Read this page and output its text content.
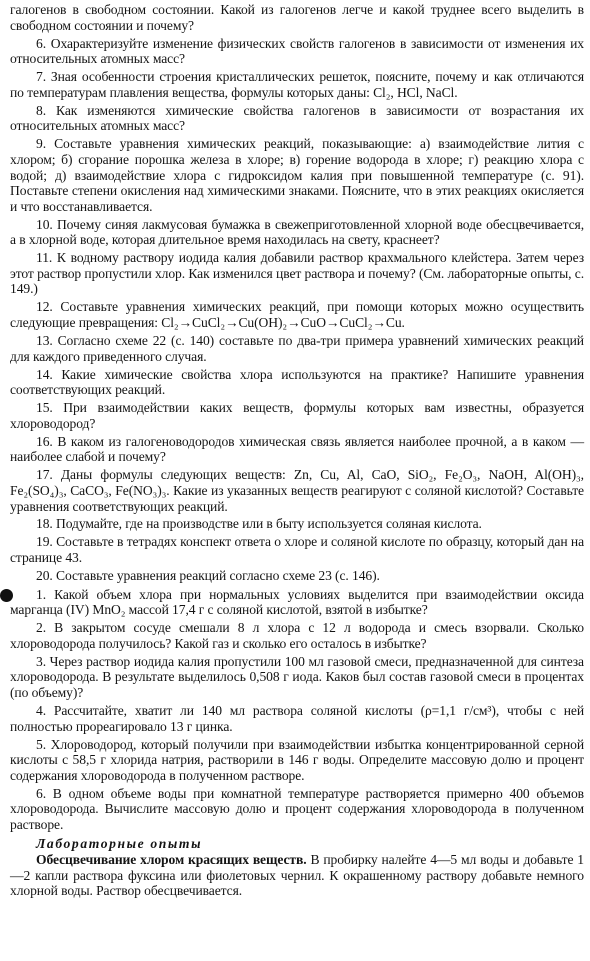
галогенов в свободном состоянии. Какой из галогенов легче и какой труднее всего выделить в свободном состоянии и почему?

6. Охарактеризуйте изменение физических свойств галогенов в зависимости от изменения их относительных атомных масс?

7. Зная особенности строения кристаллических решеток, поясните, почему и как отличаются по температурам плавления вещества, формулы которых даны: Cl₂, HCl, NaCl.

8. Как изменяются химические свойства галогенов в зависимости от возрастания их относительных атомных масс?

9. Составьте уравнения химических реакций, показывающие: а) взаимодействие лития с хлором; б) сгорание порошка железа в хлоре; в) горение водорода в хлоре; г) реакцию хлора с водой; д) взаимодействие хлора с гидроксидом калия при повышенной температуре (с. 91). Поставьте степени окисления над химическими знаками. Поясните, что в этих реакциях окисляется и что восстанавливается.

10. Почему синяя лакмусовая бумажка в свежеприготовленной хлорной воде обесцвечивается, а в хлорной воде, которая длительное время находилась на свету, краснеет?

11. К водному раствору иодида калия добавили раствор крахмального клейстера. Затем через этот раствор пропустили хлор. Как изменился цвет раствора и почему? (См. лабораторные опыты, с. 149.)

12. Составьте уравнения химических реакций, при помощи которых можно осуществить следующие превращения: Cl₂→CuCl₂→Cu(OH)₂→CuO→CuCl₂→Cu.

13. Согласно схеме 22 (с. 140) составьте по два-три примера уравнений химических реакций для каждого приведенного случая.

14. Какие химические свойства хлора используются на практике? Напишите уравнения соответствующих реакций.

15. При взаимодействии каких веществ, формулы которых вам известны, образуется хлороводород?

16. В каком из галогеноводородов химическая связь является наиболее прочной, а в каком — наиболее слабой и почему?

17. Даны формулы следующих веществ: Zn, Cu, Al, CaO, SiO₂, Fe₂O₃, NaOH, Al(OH)₃, Fe₂(SO₄)₃, CaCO₃, Fe(NO₃)₃. Какие из указанных веществ реагируют с соляной кислотой? Составьте уравнения соответствующих реакций.

18. Подумайте, где на производстве или в быту используется соляная кислота.

19. Составьте в тетрадях конспект ответа о хлоре и соляной кислоте по образцу, который дан на странице 43.

20. Составьте уравнения реакций согласно схеме 23 (с. 146).

1. Какой объем хлора при нормальных условиях выделится при взаимодействии оксида марганца (IV) MnO₂ массой 17,4 г с соляной кислотой, взятой в избытке?

2. В закрытом сосуде смешали 8 л хлора с 12 л водорода и смесь взорвали. Сколько хлороводорода получилось? Какой газ и сколько его осталось в избытке?

3. Через раствор иодида калия пропустили 100 мл газовой смеси, предназначенной для синтеза хлороводорода. В результате выделилось 0,508 г иода. Каков был состав газовой смеси в процентах (по объему)?

4. Рассчитайте, хватит ли 140 мл раствора соляной кислоты (ρ=1,1 г/см³), чтобы с ней полностью прореагировало 13 г цинка.

5. Хлороводород, который получили при взаимодействии избытка концентрированной серной кислоты с 58,5 г хлорида натрия, растворили в 146 г воды. Определите массовую долю и процент содержания хлороводорода в полученном растворе.

6. В одном объеме воды при комнатной температуре растворяется примерно 400 объемов хлороводорода. Вычислите массовую долю и процент содержания хлороводорода в полученном растворе.

Лабораторные опыты

Обесцвечивание хлором красящих веществ. В пробирку налейте 4—5 мл воды и добавьте 1—2 капли раствора фуксина или фиолетовых чернил. К окрашенному раствору добавьте немного хлорной воды. Раствор обесцвечивается.
